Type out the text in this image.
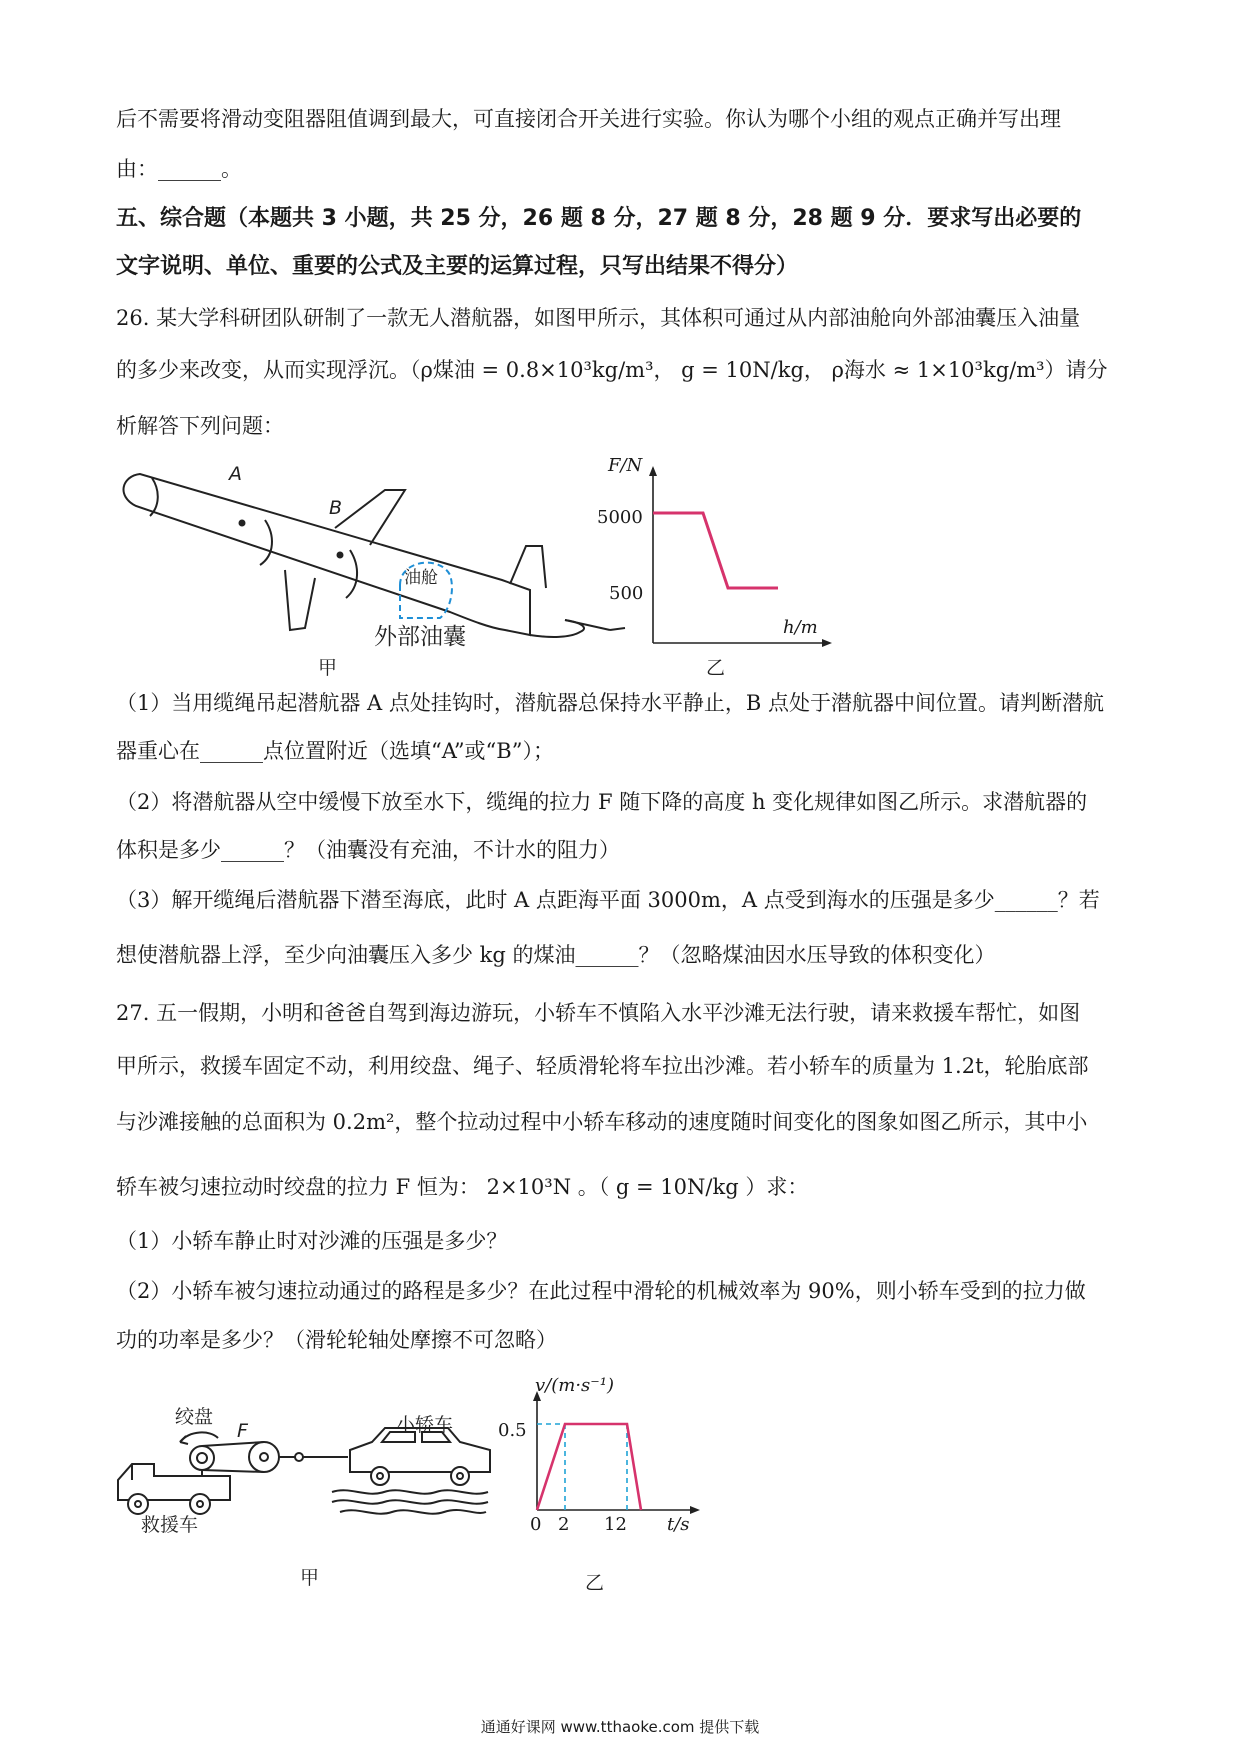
后不需要将滑动变阻器阻值调到最大，可直接闭合开关进行实验。你认为哪个小组的观点正确并写出理
由：______。
五、综合题（本题共 3 小题，共 25 分，26 题 8 分，27 题 8 分，28 题 9 分．要求写出必要的
文字说明、单位、重要的公式及主要的运算过程，只写出结果不得分）
26. 某大学科研团队研制了一款无人潜航器，如图甲所示，其体积可通过从内部油舱向外部油囊压入油量
的多少来改变，从而实现浮沉。（ρ煤油 = 0.8×10³kg/m³， g = 10N/kg， ρ海水 ≈ 1×10³kg/m³）请分
析解答下列问题：
A
B
油舱
外部油囊
甲
F/N
5000
500
h/m
乙
（1）当用缆绳吊起潜航器 A 点处挂钩时，潜航器总保持水平静止，B 点处于潜航器中间位置。请判断潜航
器重心在______点位置附近（选填“A”或“B”）；
（2）将潜航器从空中缓慢下放至水下，缆绳的拉力 F 随下降的高度 h 变化规律如图乙所示。求潜航器的
体积是多少______？（油囊没有充油，不计水的阻力）
（3）解开缆绳后潜航器下潜至海底，此时 A 点距海平面 3000m，A 点受到海水的压强是多少______？若
想使潜航器上浮，至少向油囊压入多少 kg 的煤油______？（忽略煤油因水压导致的体积变化）
27. 五一假期，小明和爸爸自驾到海边游玩，小轿车不慎陷入水平沙滩无法行驶，请来救援车帮忙，如图
甲所示，救援车固定不动，利用绞盘、绳子、轻质滑轮将车拉出沙滩。若小轿车的质量为 1.2t，轮胎底部
与沙滩接触的总面积为 0.2m²，整个拉动过程中小轿车移动的速度随时间变化的图象如图乙所示，其中小
轿车被匀速拉动时绞盘的拉力 F 恒为： 2×10³N 。（ g = 10N/kg ）求：
（1）小轿车静止时对沙滩的压强是多少？
（2）小轿车被匀速拉动通过的路程是多少？在此过程中滑轮的机械效率为 90%，则小轿车受到的拉力做
功的功率是多少？（滑轮轮轴处摩擦不可忽略）
绞盘
F	小轿车
救援车
甲
v/(m·s⁻¹)
0.5
0 2 12 t/s
乙
通通好课网 www.tthaoke.com 提供下载
